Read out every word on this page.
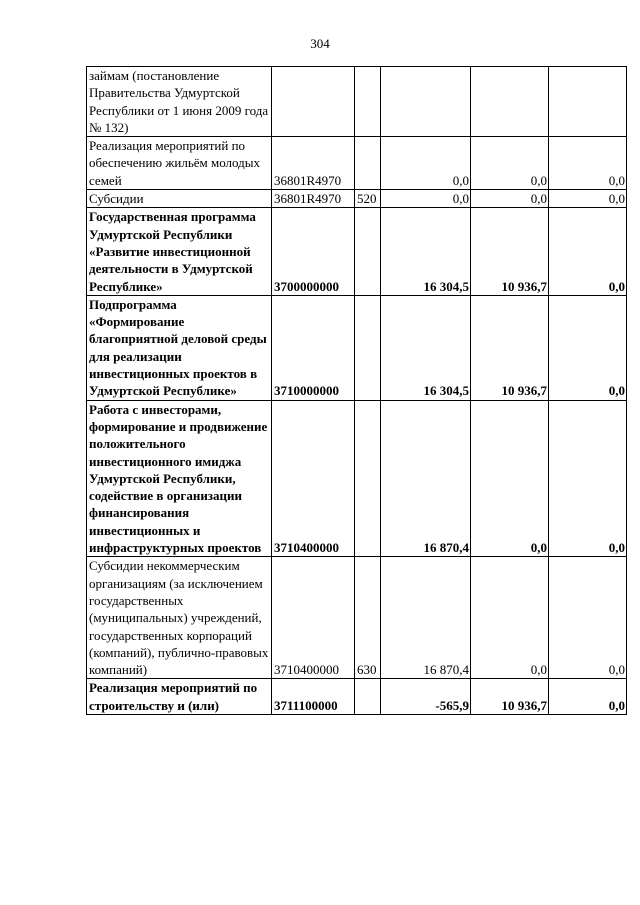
304
займам (постановление Правительства Удмуртской Республики от 1 июня 2009 года № 132)					
Реализация мероприятий по обеспечению жильём молодых семей	36801R4970		0,0	0,0	0,0
Субсидии	36801R4970	520	0,0	0,0	0,0
Государственная программа Удмуртской Республики «Развитие инвестиционной деятельности в Удмуртской Республике»	3700000000		16 304,5	10 936,7	0,0
Подпрограмма «Формирование благоприятной деловой среды для реализации инвестиционных проектов в Удмуртской Республике»	3710000000		16 304,5	10 936,7	0,0
Работа с инвесторами, формирование и продвижение положительного инвестиционного имиджа Удмуртской Республики, содействие в организации финансирования инвестиционных и инфраструктурных проектов	3710400000		16 870,4	0,0	0,0
Субсидии некоммерческим организациям (за исключением государственных (муниципальных) учреждений, государственных корпораций (компаний), публично-правовых компаний)	3710400000	630	16 870,4	0,0	0,0
Реализация мероприятий по строительству и (или)	3711100000		-565,9	10 936,7	0,0
